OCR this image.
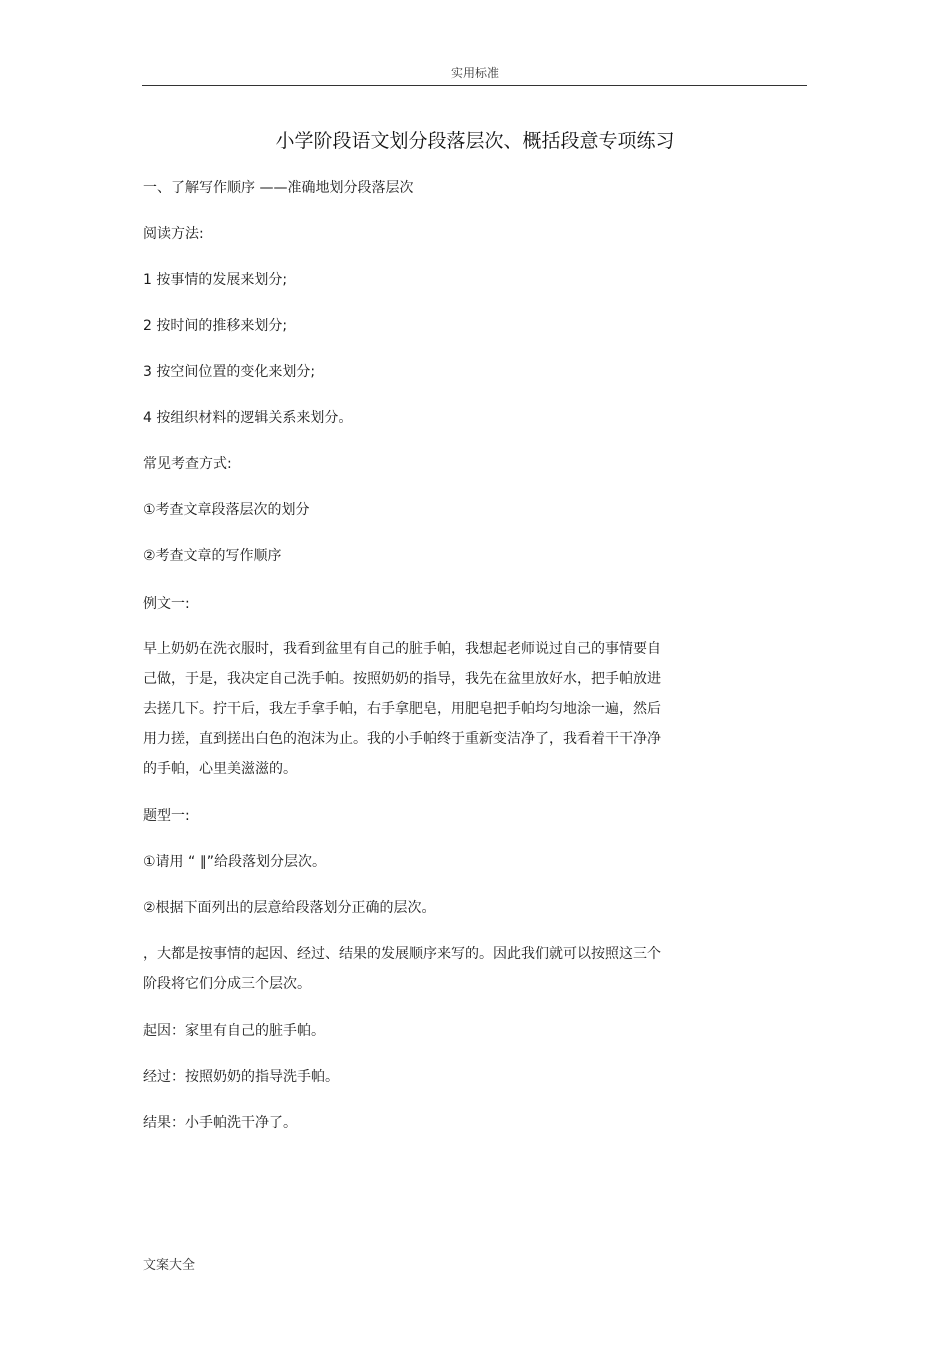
实用标准
小学阶段语文划分段落层次、概括段意专项练习
一、了解写作顺序 ——准确地划分段落层次
阅读方法:
1 按事情的发展来划分;
2 按时间的推移来划分;
3 按空间位置的变化来划分;
4 按组织材料的逻辑关系来划分。
常见考查方式:
①考查文章段落层次的划分
②考查文章的写作顺序
例文一:
早上奶奶在洗衣服时，我看到盆里有自己的脏手帕，我想起老师说过自己的事情要自
己做，于是，我决定自己洗手帕。按照奶奶的指导，我先在盆里放好水，把手帕放进
去搓几下。拧干后，我左手拿手帕，右手拿肥皂，用肥皂把手帕均匀地涂一遍，然后
用力搓，直到搓出白色的泡沫为止。我的小手帕终于重新变洁净了，我看着干干净净
的手帕，心里美滋滋的。
题型一:
①请用 “ ∥”给段落划分层次。
②根据下面列出的层意给段落划分正确的层次。
，大都是按事情的起因、经过、结果的发展顺序来写的。因此我们就可以按照这三个
阶段将它们分成三个层次。
起因：家里有自己的脏手帕。
经过：按照奶奶的指导洗手帕。
结果：小手帕洗干净了。
文案大全
